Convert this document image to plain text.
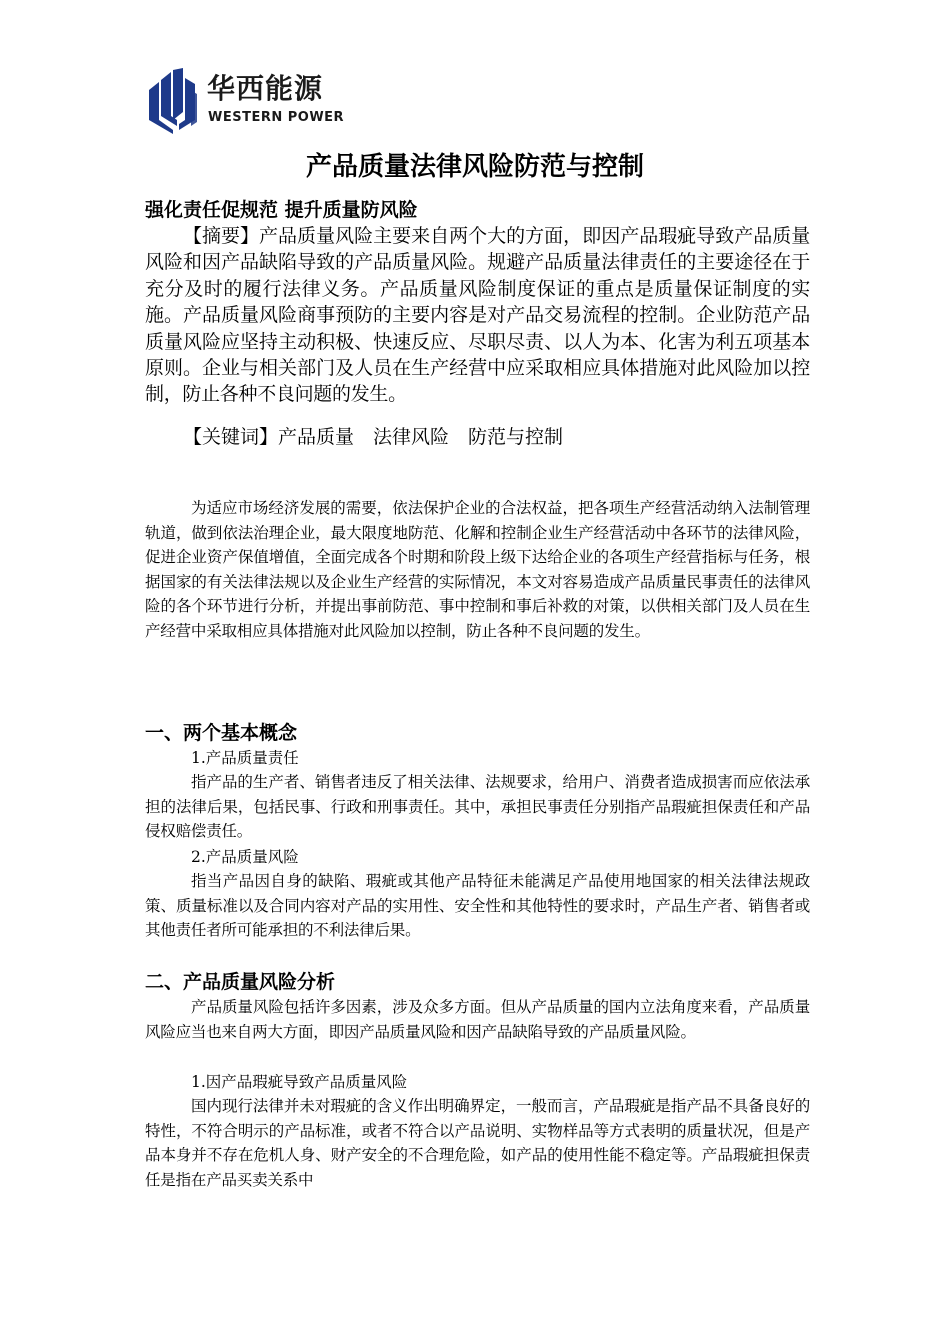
华西能源
WESTERN POWER
产品质量法律风险防范与控制
强化责任促规范 提升质量防风险

【摘要】产品质量风险主要来自两个大的方面，即因产品瑕疵导致产品质量风险和因产品缺陷导致的产品质量风险。规避产品质量法律责任的主要途径在于充分及时的履行法律义务。产品质量风险制度保证的重点是质量保证制度的实施。产品质量风险商事预防的主要内容是对产品交易流程的控制。企业防范产品质量风险应坚持主动积极、快速反应、尽职尽责、以人为本、化害为利五项基本原则。企业与相关部门及人员在生产经营中应采取相应具体措施对此风险加以控制，防止各种不良问题的发生。

【关键词】产品质量　法律风险　防范与控制

为适应市场经济发展的需要，依法保护企业的合法权益，把各项生产经营活动纳入法制管理轨道，做到依法治理企业，最大限度地防范、化解和控制企业生产经营活动中各环节的法律风险，促进企业资产保值增值，全面完成各个时期和阶段上级下达给企业的各项生产经营指标与任务，根据国家的有关法律法规以及企业生产经营的实际情况，本文对容易造成产品质量民事责任的法律风险的各个环节进行分析，并提出事前防范、事中控制和事后补救的对策，以供相关部门及人员在生产经营中采取相应具体措施对此风险加以控制，防止各种不良问题的发生。

一、两个基本概念

1.产品质量责任

指产品的生产者、销售者违反了相关法律、法规要求，给用户、消费者造成损害而应依法承担的法律后果，包括民事、行政和刑事责任。其中，承担民事责任分别指产品瑕疵担保责任和产品侵权赔偿责任。

2.产品质量风险

指当产品因自身的缺陷、瑕疵或其他产品特征未能满足产品使用地国家的相关法律法规政策、质量标准以及合同内容对产品的实用性、安全性和其他特性的要求时，产品生产者、销售者或其他责任者所可能承担的不利法律后果。

二、产品质量风险分析

产品质量风险包括许多因素，涉及众多方面。但从产品质量的国内立法角度来看，产品质量风险应当也来自两大方面，即因产品质量风险和因产品缺陷导致的产品质量风险。

1.因产品瑕疵导致产品质量风险

国内现行法律并未对瑕疵的含义作出明确界定，一般而言，产品瑕疵是指产品不具备良好的特性，不符合明示的产品标准，或者不符合以产品说明、实物样品等方式表明的质量状况，但是产品本身并不存在危机人身、财产安全的不合理危险，如产品的使用性能不稳定等。产品瑕疵担保责任是指在产品买卖关系中
